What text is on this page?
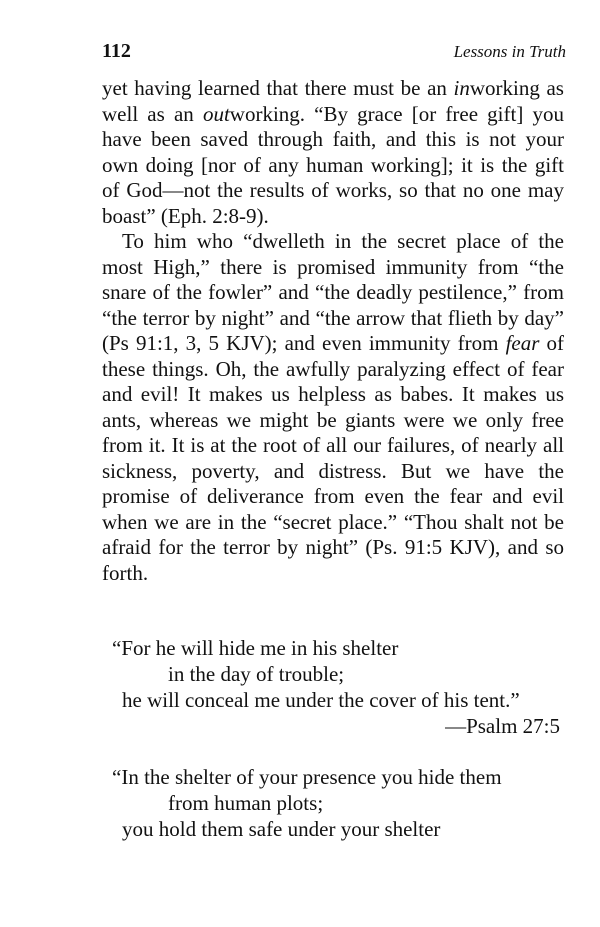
112	Lessons in Truth

yet having learned that there must be an inworking as well as an outworking. “By grace [or free gift] you have been saved through faith, and this is not your own doing [nor of any human working]; it is the gift of God—not the results of works, so that no one may boast” (Eph. 2:8-9).

To him who “dwelleth in the secret place of the most High,” there is promised immunity from “the snare of the fowler” and “the deadly pestilence,” from “the terror by night” and “the arrow that flieth by day” (Ps 91:1, 3, 5 KJV); and even immunity from fear of these things. Oh, the awfully paralyzing effect of fear and evil! It makes us helpless as babes. It makes us ants, whereas we might be giants were we only free from it. It is at the root of all our failures, of nearly all sickness, poverty, and distress. But we have the promise of deliverance from even the fear and evil when we are in the “secret place.” “Thou shalt not be afraid for the terror by night” (Ps. 91:5 KJV), and so forth.

“For he will hide me in his shelter
in the day of trouble;
he will conceal me under the cover of his tent.”
—Psalm 27:5
“In the shelter of your presence you hide them
from human plots;
you hold them safe under your shelter
